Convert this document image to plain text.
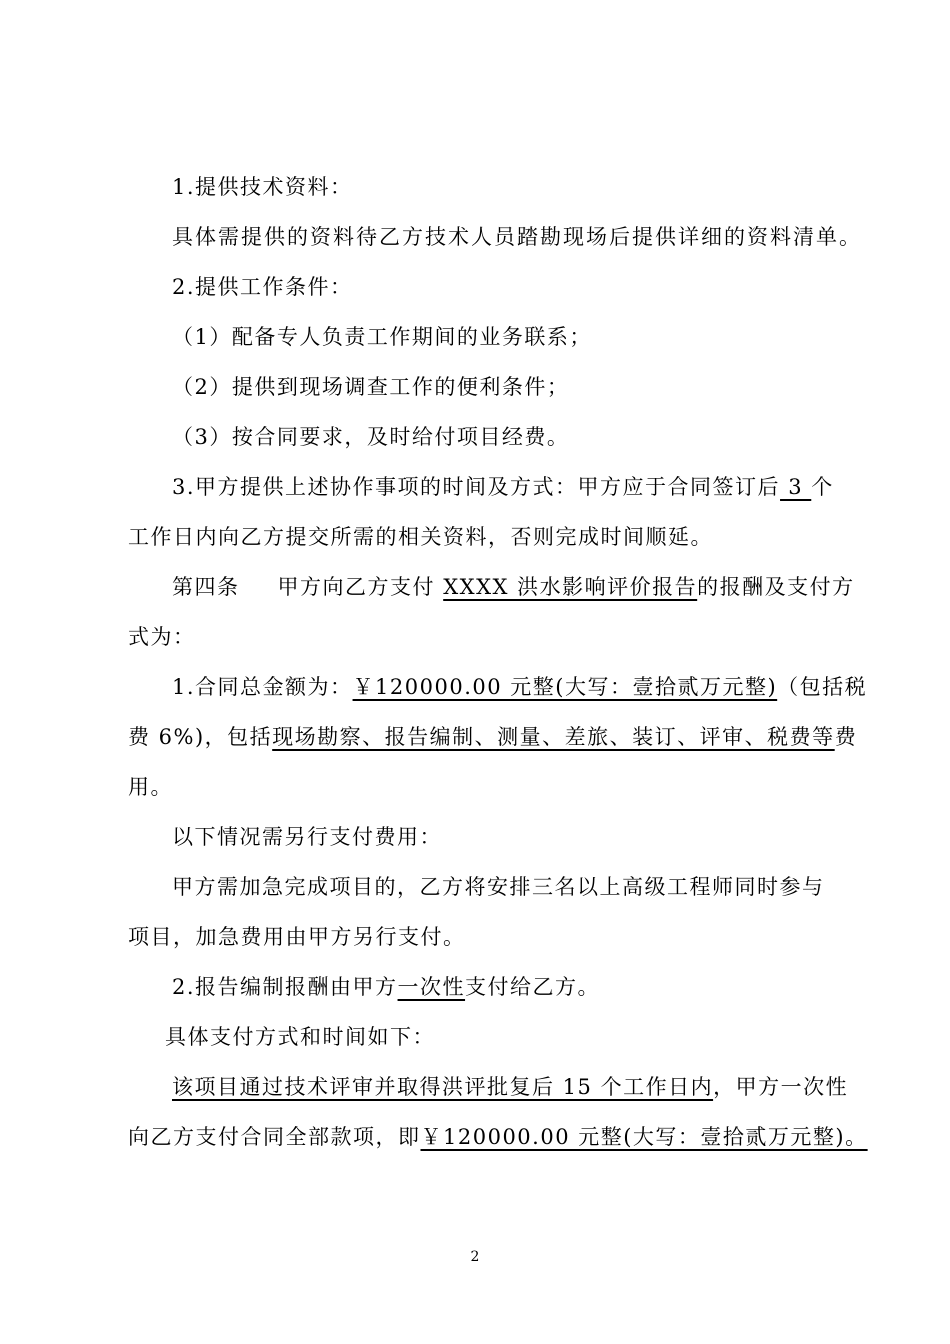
1.提供技术资料：
具体需提供的资料待乙方技术人员踏勘现场后提供详细的资料清单。
2.提供工作条件：
（1）配备专人负责工作期间的业务联系；
（2）提供到现场调查工作的便利条件；
（3）按合同要求，及时给付项目经费。
3.甲方提供上述协作事项的时间及方式：甲方应于合同签订后 3 个
工作日内向乙方提交所需的相关资料，否则完成时间顺延。
第四条 甲方向乙方支付 XXXX 洪水影响评价报告的报酬及支付方
式为：
1.合同总金额为：￥120000.00 元整(大写：壹拾贰万元整)（包括税
费 6%)，包括现场勘察、报告编制、测量、差旅、装订、评审、税费等费
用。
以下情况需另行支付费用：
甲方需加急完成项目的，乙方将安排三名以上高级工程师同时参与
项目，加急费用由甲方另行支付。
2.报告编制报酬由甲方一次性支付给乙方。
具体支付方式和时间如下：
该项目通过技术评审并取得洪评批复后 15 个工作日内，甲方一次性
向乙方支付合同全部款项，即￥120000.00 元整(大写：壹拾贰万元整)。
2
